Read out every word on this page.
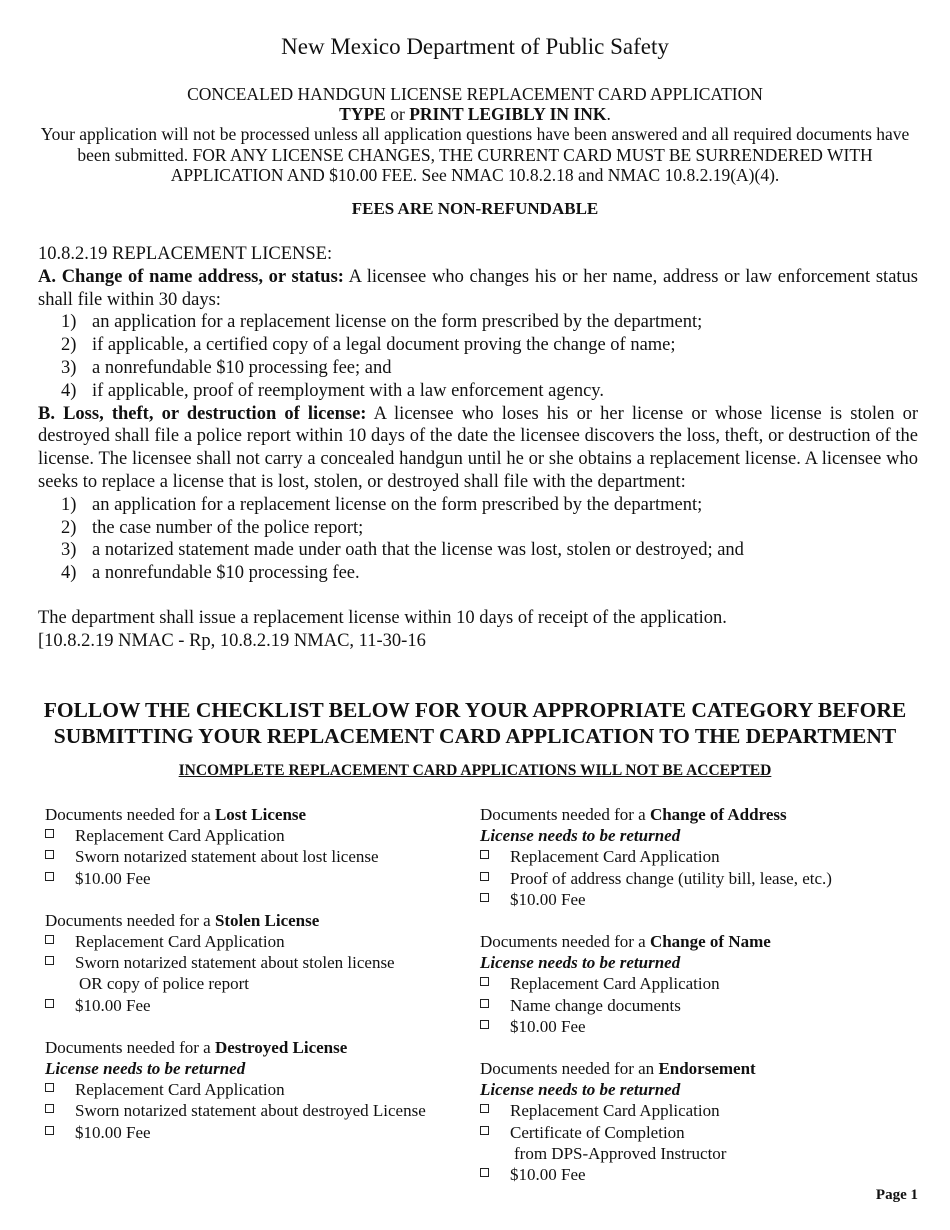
New Mexico Department of Public Safety
CONCEALED HANDGUN LICENSE REPLACEMENT CARD APPLICATION
TYPE or PRINT LEGIBLY IN INK.
Your application will not be processed unless all application questions have been answered and all required documents have been submitted. FOR ANY LICENSE CHANGES, THE CURRENT CARD MUST BE SURRENDERED WITH APPLICATION AND $10.00 FEE. See NMAC 10.8.2.18 and NMAC 10.8.2.19(A)(4).
FEES ARE NON-REFUNDABLE

10.8.2.19 REPLACEMENT LICENSE:

A. Change of name address, or status: A licensee who changes his or her name, address or law enforcement status shall file within 30 days:

1) an application for a replacement license on the form prescribed by the department;
2) if applicable, a certified copy of a legal document proving the change of name;
3) a nonrefundable $10 processing fee; and
4) if applicable, proof of reemployment with a law enforcement agency.

B. Loss, theft, or destruction of license: A licensee who loses his or her license or whose license is stolen or destroyed shall file a police report within 10 days of the date the licensee discovers the loss, theft, or destruction of the license. The licensee shall not carry a concealed handgun until he or she obtains a replacement license. A licensee who seeks to replace a license that is lost, stolen, or destroyed shall file with the department:

1) an application for a replacement license on the form prescribed by the department;
2) the case number of the police report;
3) a notarized statement made under oath that the license was lost, stolen or destroyed; and
4) a nonrefundable $10 processing fee.

The department shall issue a replacement license within 10 days of receipt of the application.

[10.8.2.19 NMAC - Rp, 10.8.2.19 NMAC, 11-30-16

FOLLOW THE CHECKLIST BELOW FOR YOUR APPROPRIATE CATEGORY BEFORE
SUBMITTING YOUR REPLACEMENT CARD APPLICATION TO THE DEPARTMENT
INCOMPLETE REPLACEMENT CARD APPLICATIONS WILL NOT BE ACCEPTED
Documents needed for a Lost License
Replacement Card Application
Sworn notarized statement about lost license
$10.00 Fee
Documents needed for a Stolen License
Replacement Card Application
Sworn notarized statement about stolen license
OR copy of police report
$10.00 Fee
Documents needed for a Destroyed License
License needs to be returned
Replacement Card Application
Sworn notarized statement about destroyed License
$10.00 Fee
Documents needed for a Change of Address
License needs to be returned
Replacement Card Application
Proof of address change (utility bill, lease, etc.)
$10.00 Fee
Documents needed for a Change of Name
License needs to be returned
Replacement Card Application
Name change documents
$10.00 Fee
Documents needed for an Endorsement
License needs to be returned
Replacement Card Application
Certificate of Completion
from DPS-Approved Instructor
$10.00 Fee
Page 1
